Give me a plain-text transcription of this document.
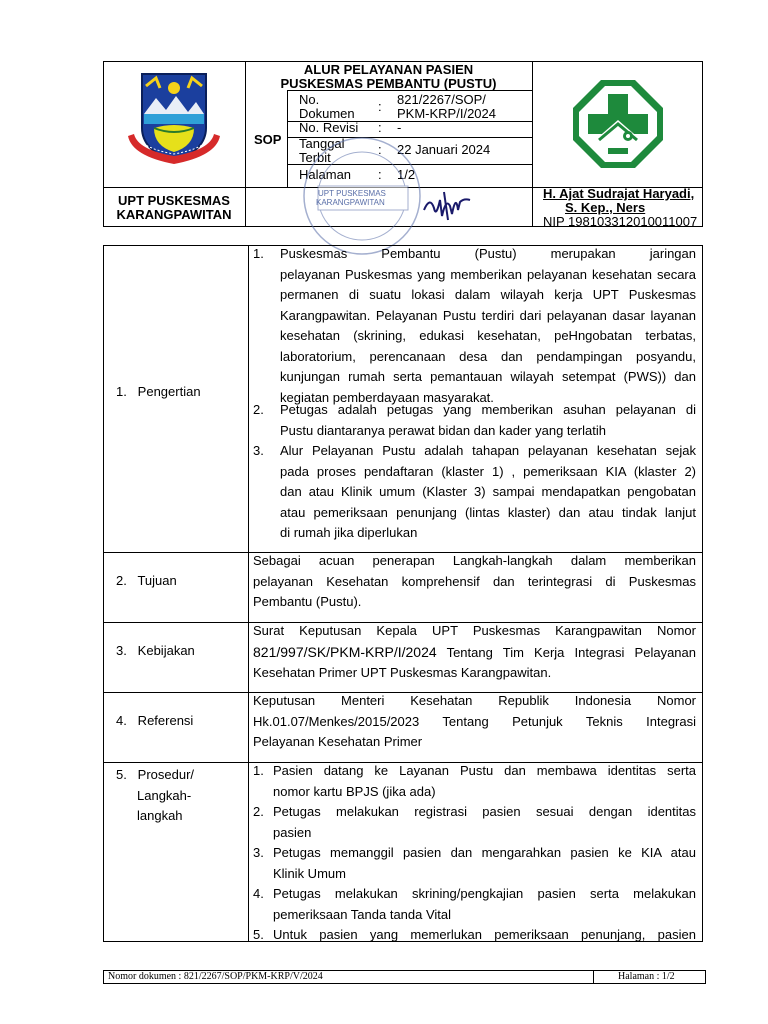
ALUR PELAYANAN PASIEN
PUSKESMAS PEMBANTU (PUSTU)
SOP
No.
Dokumen : 821/2267/SOP/
PKM-KRP/I/2024
No. Revisi : -
Tanggal
Terbit
: 22 Januari 2024
Halaman : 1/2
UPT PUSKESMAS
KARANGPAWITAN
UPT PUSKESMAS
KARANGPAWITAN
H. Ajat Sudrajat Haryadi,
S. Kep., Ners
NIP 198103312010011007
1.   Pengertian
1. Puskesmas Pembantu (Pustu) merupakan jaringan
pelayanan Puskesmas yang memberikan pelayanan kesehatan secara
permanen di suatu lokasi dalam wilayah kerja UPT Puskesmas
Karangpawitan. Pelayanan Pustu terdiri dari pelayanan dasar layanan
kesehatan (skrining, edukasi kesehatan, peHngobatan terbatas,
laboratorium, perencanaan desa dan pendampingan posyandu,
kunjungan rumah serta pemantauan wilayah setempat (PWS)) dan
kegiatan pemberdayaan masyarakat.
2. Petugas adalah petugas yang memberikan asuhan pelayanan di
Pustu diantaranya perawat bidan dan kader yang terlatih
3. Alur Pelayanan Pustu adalah tahapan pelayanan kesehatan sejak
pada proses pendaftaran (klaster 1) , pemeriksaan KIA (klaster 2)
dan atau Klinik umum (Klaster 3) sampai mendapatkan pengobatan
atau pemeriksaan penunjang (lintas klaster) dan atau tindak lanjut
di rumah jika diperlukan
2.   Tujuan
Sebagai acuan penerapan Langkah-langkah dalam memberikan
pelayanan Kesehatan komprehensif dan terintegrasi di Puskesmas
Pembantu (Pustu).
3.   Kebijakan
Surat Keputusan Kepala UPT Puskesmas Karangpawitan Nomor
821/997/SK/PKM-KRP/I/2024 Tentang Tim Kerja Integrasi Pelayanan
Kesehatan Primer UPT Puskesmas Karangpawitan.
4.   Referensi
Keputusan Menteri Kesehatan Republik Indonesia Nomor
Hk.01.07/Menkes/2015/2023 Tentang Petunjuk Teknis Integrasi
Pelayanan Kesehatan Primer
5.   Prosedur/
Langkah-
langkah
1. Pasien datang ke Layanan Pustu dan membawa identitas serta
nomor kartu BPJS (jika ada)
2. Petugas melakukan registrasi pasien sesuai dengan identitas
pasien
3. Petugas memanggil pasien dan mengarahkan pasien ke KIA atau
Klinik Umum
4. Petugas melakukan skrining/pengkajian pasien serta melakukan
pemeriksaan Tanda tanda Vital
5. Untuk pasien yang memerlukan pemeriksaan penunjang, pasien
Nomor dokumen : 821/2267/SOP/PKM-KRP/V/2024	Halaman : 1/2
